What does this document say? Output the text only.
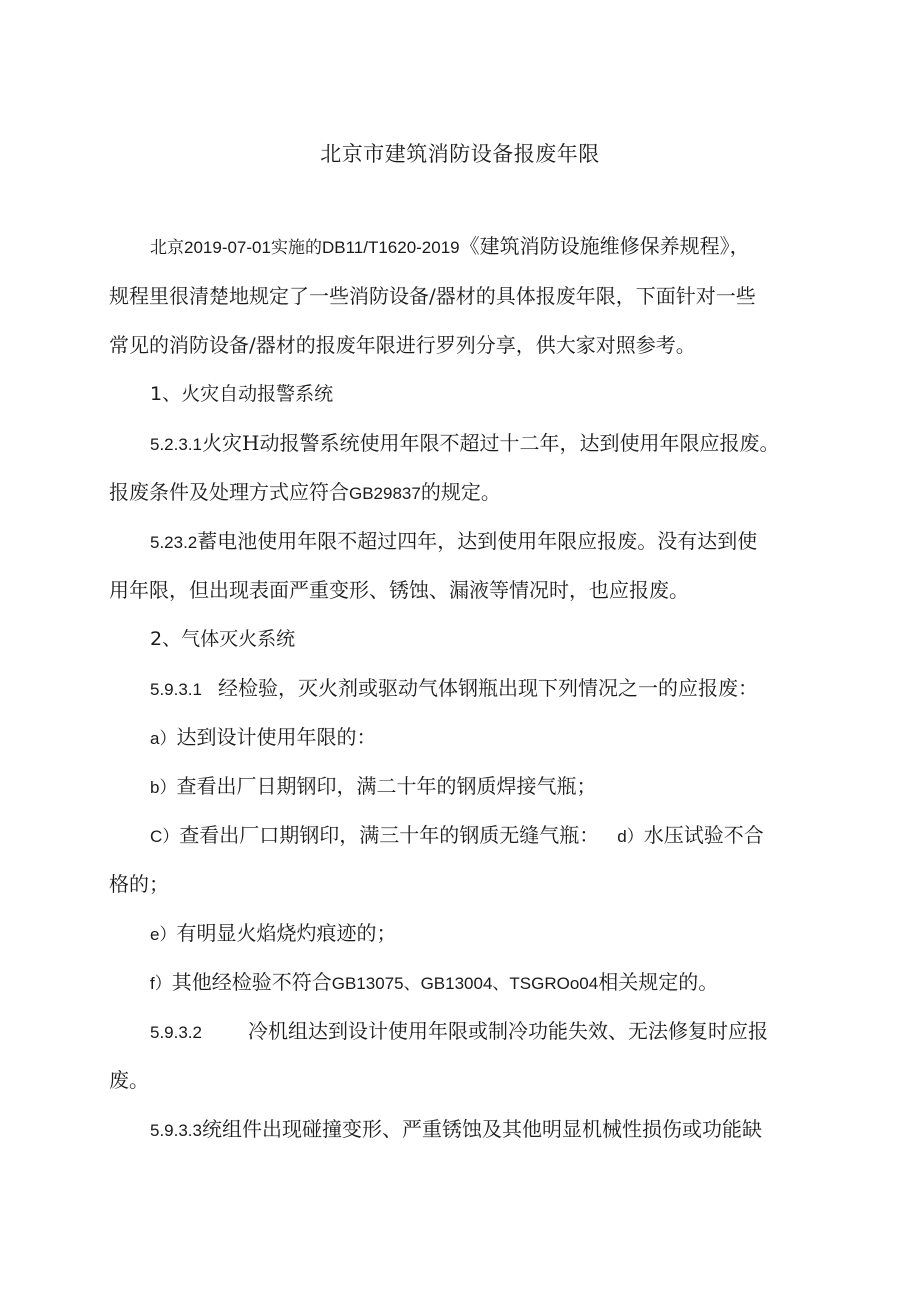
北京市建筑消防设备报废年限
北京2019-07-01实施的DB11/T1620-2019《建筑消防设施维修保养规程》，
规程里很清楚地规定了一些消防设备/器材的具体报废年限，下面针对一些
常见的消防设备/器材的报废年限进行罗列分享，供大家对照参考。
1、火灾自动报警系统
5.2.3.1火灾H动报警系统使用年限不超过十二年，达到使用年限应报废。
报废条件及处理方式应符合GB29837的规定。
5.23.2蓄电池使用年限不超过四年，达到使用年限应报废。没有达到使
用年限，但出现表面严重变形、锈蚀、漏液等情况时，也应报废。
2、气体灭火系统
5.9.3.1 经检验，灭火剂或驱动气体钢瓶出现下列情况之一的应报废：
a）达到设计使用年限的：
b）查看出厂日期钢印，满二十年的钢质焊接气瓶；
C）查看出厂口期钢印，满三十年的钢质无缝气瓶： d）水压试验不合
格的；
e）有明显火焰烧灼痕迹的；
f）其他经检验不符合GB13075、GB13004、TSGROo04相关规定的。
5.9.3.2 冷机组达到设计使用年限或制冷功能失效、无法修复时应报
废。
5.9.3.3统组件出现碰撞变形、严重锈蚀及其他明显机械性损伤或功能缺
